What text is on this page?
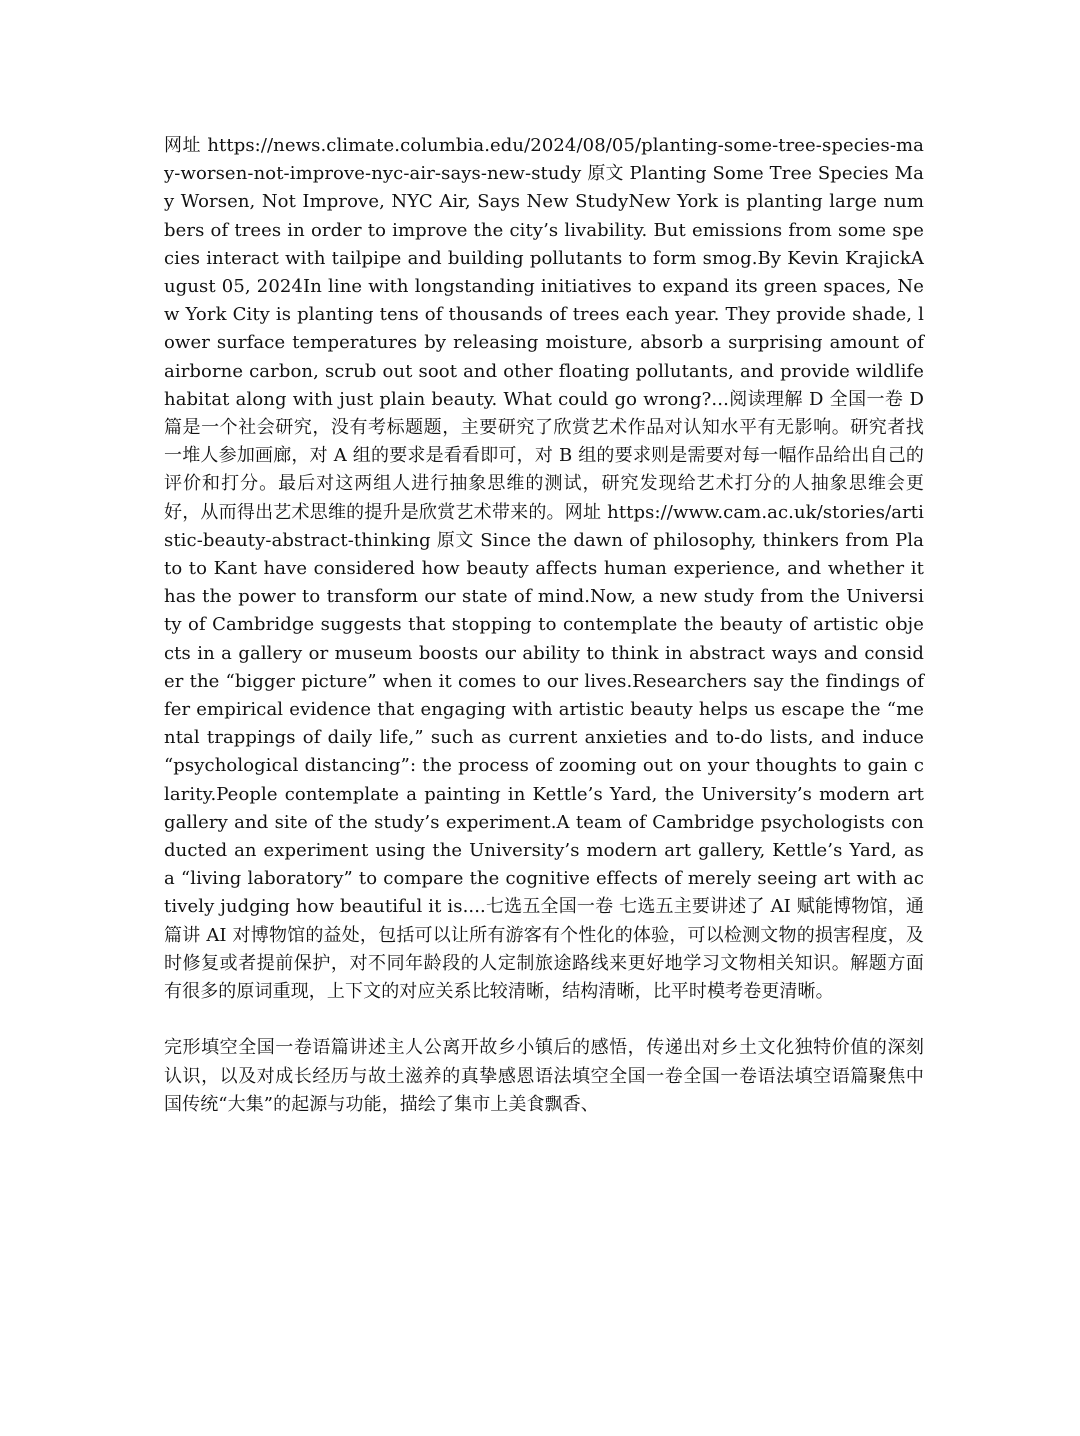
网址 https://news.climate.columbia.edu/2024/08/05/planting-some-tree-species-may-worsen-not-improve-nyc-air-says-new-study 原文 Planting Some Tree Species May Worsen, Not Improve, NYC Air, Says New StudyNew York is planting large numbers of trees in order to improve the city’s livability. But emissions from some species interact with tailpipe and building pollutants to form smog.By Kevin KrajickAugust 05, 2024In line with longstanding initiatives to expand its green spaces, New York City is planting tens of thousands of trees each year. They provide shade, lower surface temperatures by releasing moisture, absorb a surprising amount of airborne carbon, scrub out soot and other floating pollutants, and provide wildlife habitat along with just plain beauty. What could go wrong?...阅读理解 D 全国一卷 D 篇是一个社会研究，没有考标题题，主要研究了欣赏艺术作品对认知水平有无影响。研究者找一堆人参加画廊，对 A 组的要求是看看即可，对 B 组的要求则是需要对每一幅作品给出自己的评价和打分。最后对这两组人进行抽象思维的测试，研究发现给艺术打分的人抽象思维会更好，从而得出艺术思维的提升是欣赏艺术带来的。网址 https://www.cam.ac.uk/stories/artistic-beauty-abstract-thinking 原文 Since the dawn of philosophy, thinkers from Plato to Kant have considered how beauty affects human experience, and whether it has the power to transform our state of mind.Now, a new study from the University of Cambridge suggests that stopping to contemplate the beauty of artistic objects in a gallery or museum boosts our ability to think in abstract ways and consider the “bigger picture” when it comes to our lives.Researchers say the findings offer empirical evidence that engaging with artistic beauty helps us escape the “mental trappings of daily life,” such as current anxieties and to-do lists, and induce “psychological distancing”: the process of zooming out on your thoughts to gain clarity.People contemplate a painting in Kettle’s Yard, the University’s modern art gallery and site of the study’s experiment.A team of Cambridge psychologists conducted an experiment using the University’s modern art gallery, Kettle’s Yard, as a “living laboratory” to compare the cognitive effects of merely seeing art with actively judging how beautiful it is....七选五全国一卷 七选五主要讲述了 AI 赋能博物馆，通篇讲 AI 对博物馆的益处，包括可以让所有游客有个性化的体验，可以检测文物的损害程度，及时修复或者提前保护，对不同年龄段的人定制旅途路线来更好地学习文物相关知识。解题方面有很多的原词重现，上下文的对应关系比较清晰，结构清晰，比平时模考卷更清晰。

完形填空全国一卷语篇讲述主人公离开故乡小镇后的感悟，传递出对乡土文化独特价值的深刻认识，以及对成长经历与故土滋养的真挚感恩语法填空全国一卷全国一卷语法填空语篇聚焦中国传统“大集”的起源与功能，描绘了集市上美食飘香、
